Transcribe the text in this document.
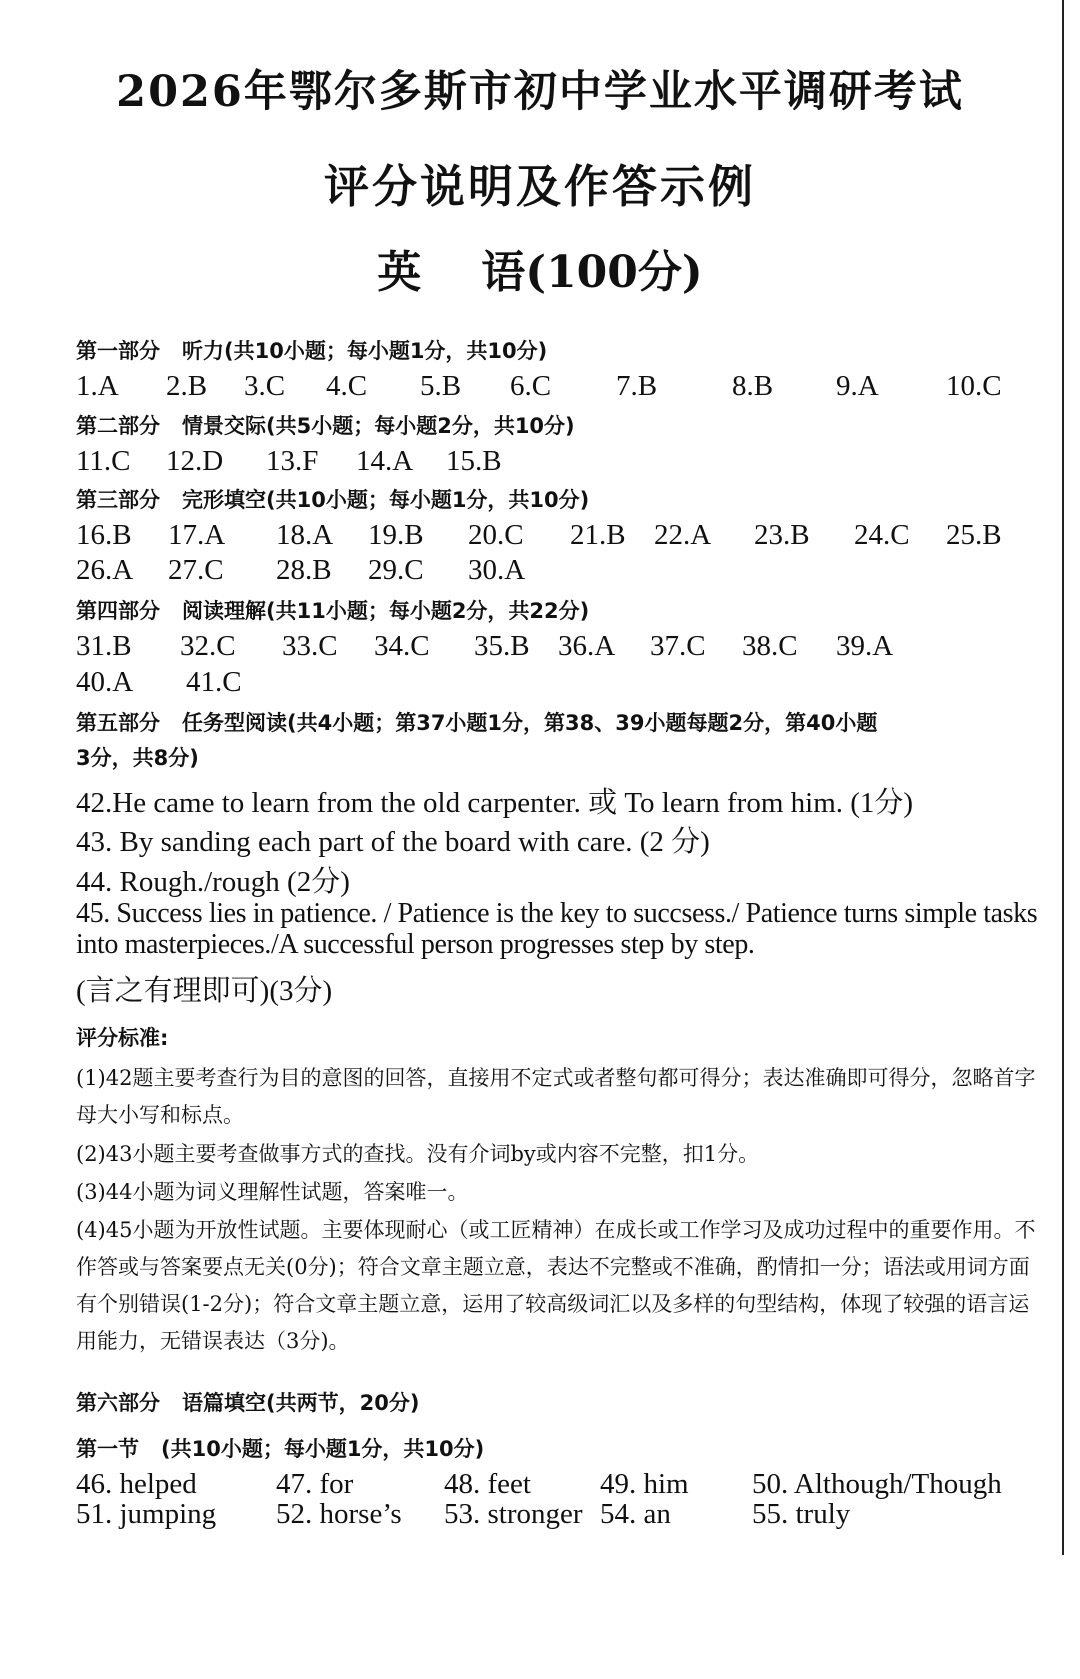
2026年鄂尔多斯市初中学业水平调研考试
评分说明及作答示例
英 语(100分)
第一部分 听力(共10小题；每小题1分，共10分)
1.A 2.B 3.C 4.C 5.B 6.C 7.B	8.B 9.A 10.C
第二部分 情景交际(共5小题；每小题2分，共10分)
11.C 12.D 13.F 14.A 15.B
第三部分 完形填空(共10小题；每小题1分，共10分)
16.B 17.A 18.A 19.B 20.C 21.B 22.A 23.B 24.C 25.B
26.A 27.C 28.B 29.C 30.A
第四部分 阅读理解(共11小题；每小题2分，共22分)
31.B 32.C 33.C 34.C 35.B 36.A 37.C 38.C 39.A
40.A 41.C
第五部分 任务型阅读(共4小题；第37小题1分，第38、39小题每题2分，第40小题
3分，共8分)
42.He came to learn from the old carpenter. 或 To learn from him. (1分)
43. By sanding each part of the board with care. (2 分)
44. Rough./rough (2分)
45. Success lies in patience. / Patience is the key to succsess./ Patience turns simple tasks into masterpieces./A successful person progresses step by step.
(言之有理即可)(3分)
评分标准:
(1)42题主要考查行为目的意图的回答，直接用不定式或者整句都可得分；表达准确即可得分，忽略首字母大小写和标点。
(2)43小题主要考查做事方式的查找。没有介词by或内容不完整，扣1分。
(3)44小题为词义理解性试题，答案唯一。
(4)45小题为开放性试题。主要体现耐心（或工匠精神）在成长或工作学习及成功过程中的重要作用。不作答或与答案要点无关(0分)；符合文章主题立意，表达不完整或不准确，酌情扣一分；语法或用词方面有个别错误(1-2分)；符合文章主题立意，运用了较高级词汇以及多样的句型结构，体现了较强的语言运用能力，无错误表达（3分)。
第六部分 语篇填空(共两节，20分)
第一节 (共10小题；每小题1分，共10分)
46. helped	47. for	48. feet 49. him 50. Although/Though
51. jumping 52. horse’s 53. stronger 54. an	55. truly
